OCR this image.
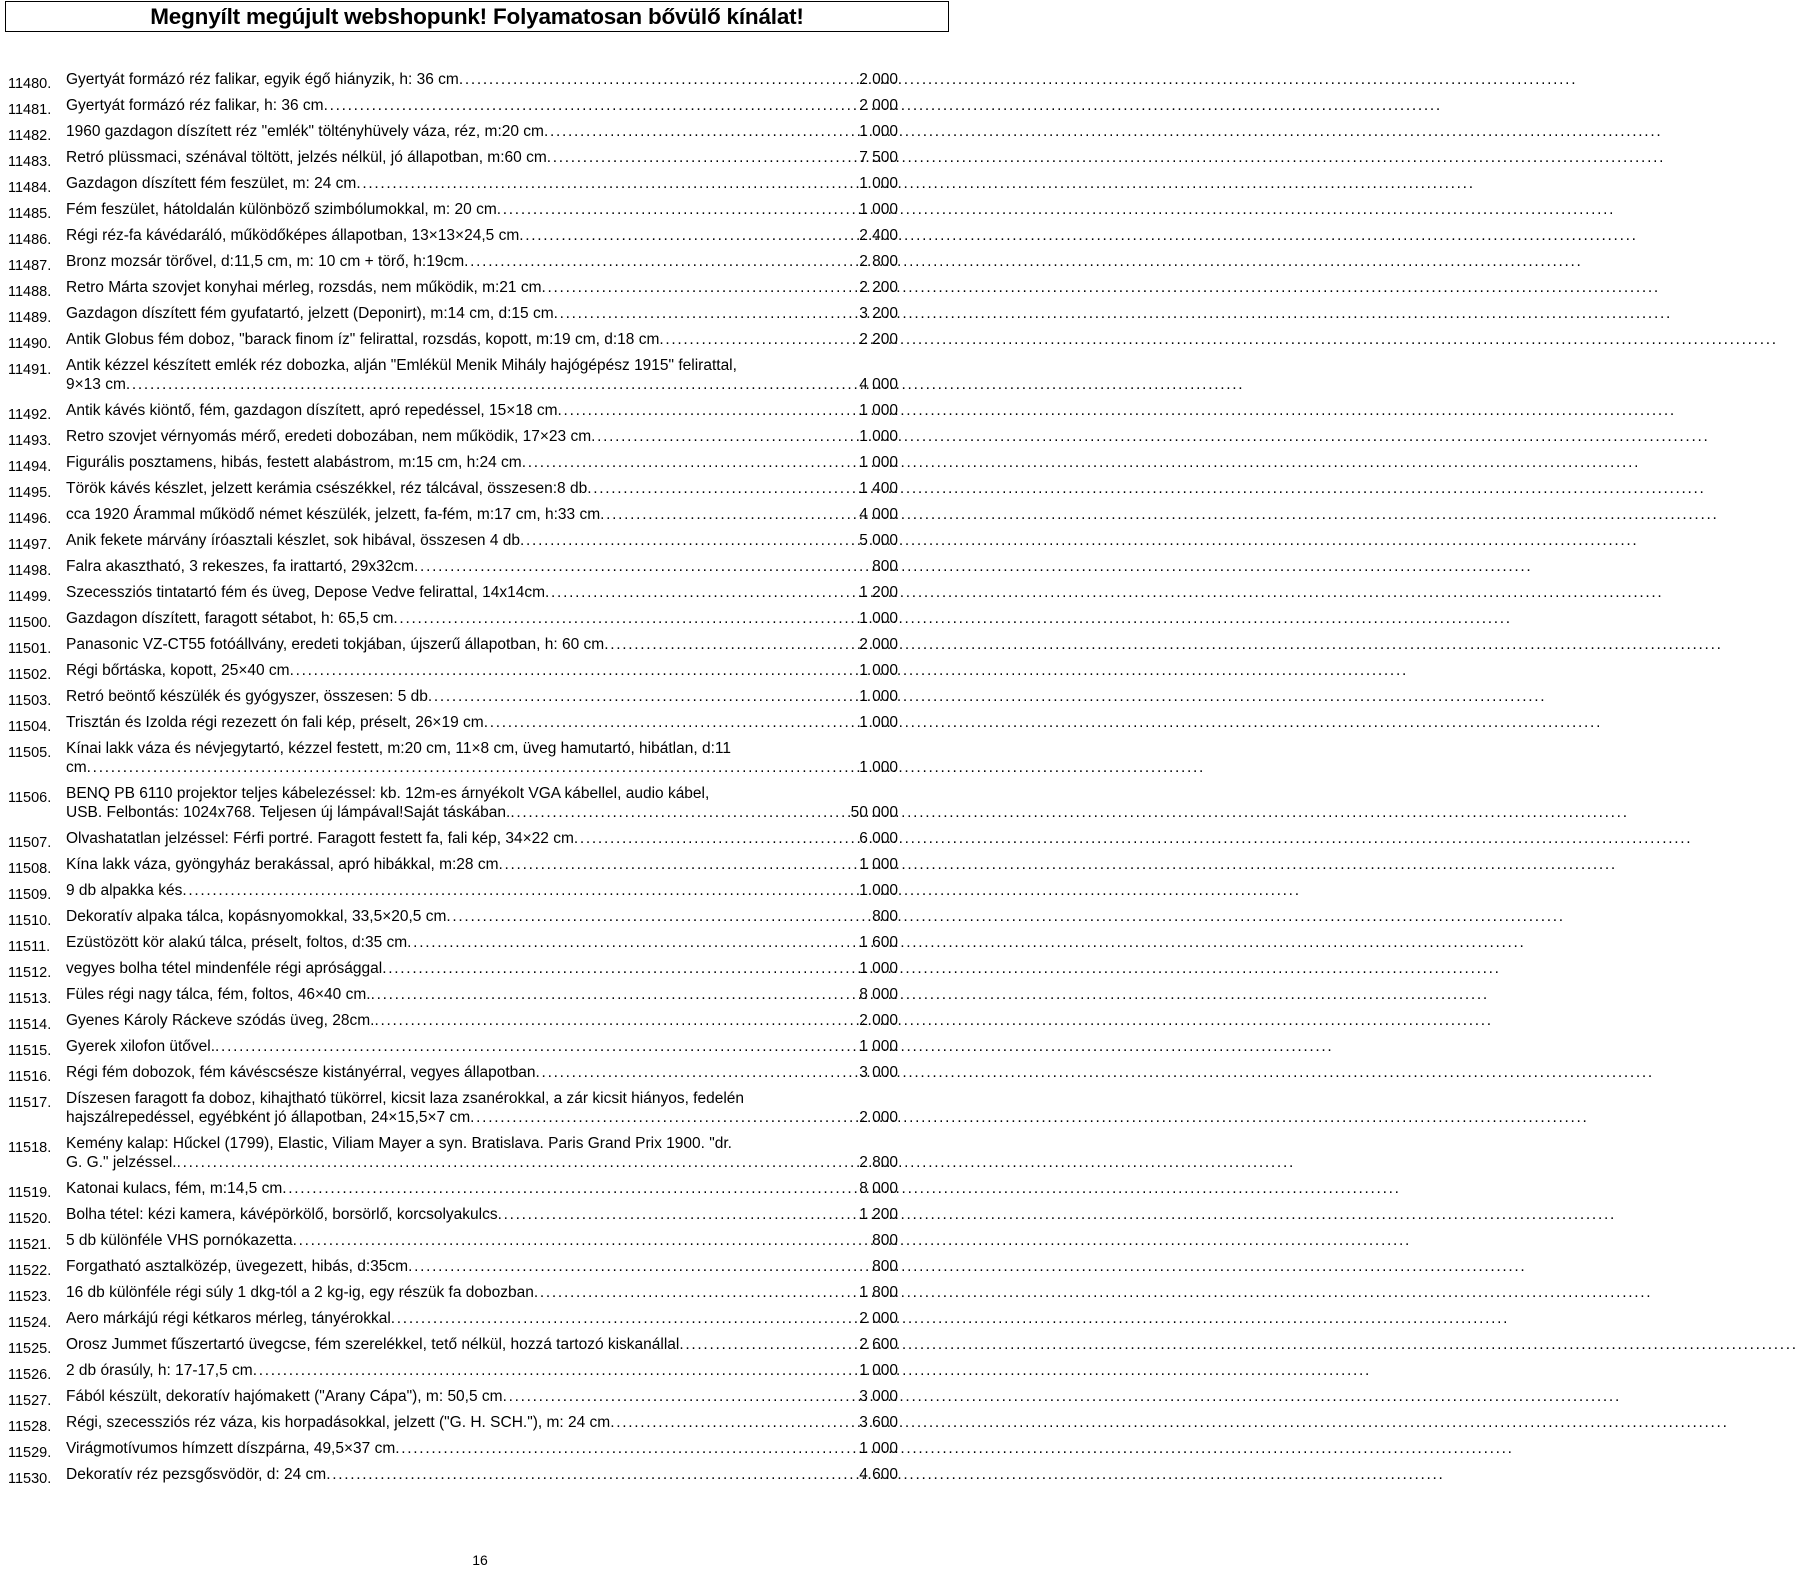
Megnyílt megújult webshopunk! Folyamatosan bővülő kínálat!
11480. Gyertyát formázó réz falikar, egyik égő hiányzik, h: 36 cm . . .	2 000
11481. Gyertyát formázó réz falikar, h: 36 cm . . .	2 000
11482. 1960 gazdagon díszített réz "emlék" töltényhüvely váza, réz, m:20 cm . . .	1 000
11483. Retró plüssmaci, szénával töltött, jelzés nélkül, jó állapotban, m:60 cm . . .	7 500
11484. Gazdagon díszített fém feszület, m: 24 cm . . .	1 000
11485. Fém feszület, hátoldalán különböző szimbólumokkal, m: 20 cm . . .	1 000
11486. Régi réz-fa kávédaráló, működőképes állapotban, 13×13×24,5 cm . . .	2 400
11487. Bronz mozsár törővel, d:11,5 cm, m: 10 cm + törő, h:19cm . . .	2 800
11488. Retro Márta szovjet konyhai mérleg, rozsdás, nem működik, m:21 cm . . .	2 200
11489. Gazdagon díszített fém gyufatartó, jelzett (Deponirt), m:14 cm, d:15 cm . . .	3 200
11490. Antik Globus fém doboz, "barack finom íz" felirattal, rozsdás, kopott, m:19 cm, d:18 cm . . .	2 200
11491. Antik kézzel készített emlék réz dobozka, alján "Emlékül Menik Mihály hajógépész 1915" felirattal,
9×13 cm . . .	4 000
11492. Antik kávés kiöntő, fém, gazdagon díszített, apró repedéssel, 15×18 cm . . .	1 000
11493. Retro szovjet vérnyomás mérő, eredeti dobozában, nem működik, 17×23 cm . . .	1 000
11494. Figurális posztamens, hibás, festett alabástrom, m:15 cm, h:24 cm . . .	1 000
11495. Török kávés készlet, jelzett kerámia csészékkel, réz tálcával, összesen:8 db . . .	1 400
11496. cca 1920 Árammal működő német készülék, jelzett, fa-fém, m:17 cm, h:33 cm . . .	4 000
11497. Anik fekete márvány íróasztali készlet, sok hibával, összesen 4 db . . .	5 000
11498. Falra akasztható, 3 rekeszes, fa irattartó, 29x32cm . . .	800
11499. Szecessziós tintatartó fém és üveg, Depose Vedve felirattal, 14x14cm . . .	1 200
11500. Gazdagon díszített, faragott sétabot, h: 65,5 cm . . .	1 000
11501. Panasonic VZ-CT55 fotóállvány, eredeti tokjában, újszerű állapotban, h: 60 cm . . .	2 000
11502. Régi bőrtáska, kopott, 25×40 cm . . .	1 000
11503. Retró beöntő készülék és gyógyszer, összesen: 5 db . . .	1 000
11504. Trisztán és Izolda régi rezezett ón fali kép, préselt, 26×19 cm . . .	1 000
11505. Kínai lakk váza és névjegytartó, kézzel festett, m:20 cm, 11×8 cm, üveg hamutartó, hibátlan, d:11
cm . . .	1 000
11506. BENQ PB 6110 projektor teljes kábelezéssel: kb. 12m-es árnyékolt VGA kábellel, audio kábel,
USB. Felbontás: 1024x768. Teljesen új lámpával!Saját táskában. . . .	50 000
11507. Olvashatatlan jelzéssel: Férfi portré. Faragott festett fa, fali kép, 34×22 cm . . .	6 000
11508. Kína lakk váza, gyöngyház berakással, apró hibákkal, m:28 cm . . .	1 000
11509. 9 db alpakka kés . . .	1 000
11510. Dekoratív alpaka tálca, kopásnyomokkal, 33,5×20,5 cm . . .	800
11511.	Ezüstözött kör alakú tálca, préselt, foltos, d:35 cm . . .	1 600
11512. vegyes bolha tétel mindenféle régi aprósággal . . .	1 000
11513. Füles régi nagy tálca, fém, foltos, 46×40 cm. . . .	8 000
11514. Gyenes Károly Ráckeve szódás üveg, 28cm. . . .	2 000
11515. Gyerek xilofon ütővel. . . .	1 000
11516. Régi fém dobozok, fém kávéscsésze kistányérral, vegyes állapotban . . .	3 000
11517. Díszesen faragott fa doboz, kihajtható tükörrel, kicsit laza zsanérokkal, a zár kicsit hiányos, fedelén
hajszálrepedéssel, egyébként jó állapotban, 24×15,5×7 cm . . .	2 000
11518. Kemény kalap: Hűckel (1799), Elastic, Viliam Mayer a syn. Bratislava. Paris Grand Prix 1900. "dr.
G. G." jelzéssel. . . .	2 800
11519. Katonai kulacs, fém, m:14,5 cm . . .	8 000
11520. Bolha tétel: kézi kamera, kávépörkölő, borsörlő, korcsolyakulcs . . .	1 200
11521. 5 db különféle VHS pornókazetta . . .	800
11522. Forgatható asztalközép, üvegezett, hibás, d:35cm . . .	800
11523. 16 db különféle régi súly 1 dkg-tól a 2 kg-ig, egy részük fa dobozban . . .	1 800
11524. Aero márkájú régi kétkaros mérleg, tányérokkal . . .	2 000
11525. Orosz Jummet fűszertartó üvegcse, fém szerelékkel, tető nélkül, hozzá tartozó kiskanállal . . .	2 600
11526. 2 db órasúly, h: 17-17,5 cm . . .	1 000
11527. Fából készült, dekoratív hajómakett ("Arany Cápa"), m: 50,5 cm . . .	3 000
11528. Régi, szecessziós réz váza, kis horpadásokkal, jelzett ("G. H. SCH."), m: 24 cm . . .	3 600
11529. Virágmotívumos hímzett díszpárna, 49,5×37 cm . . .	1 000
11530. Dekoratív réz pezsgősvödör, d: 24 cm . . .	4 600
16
